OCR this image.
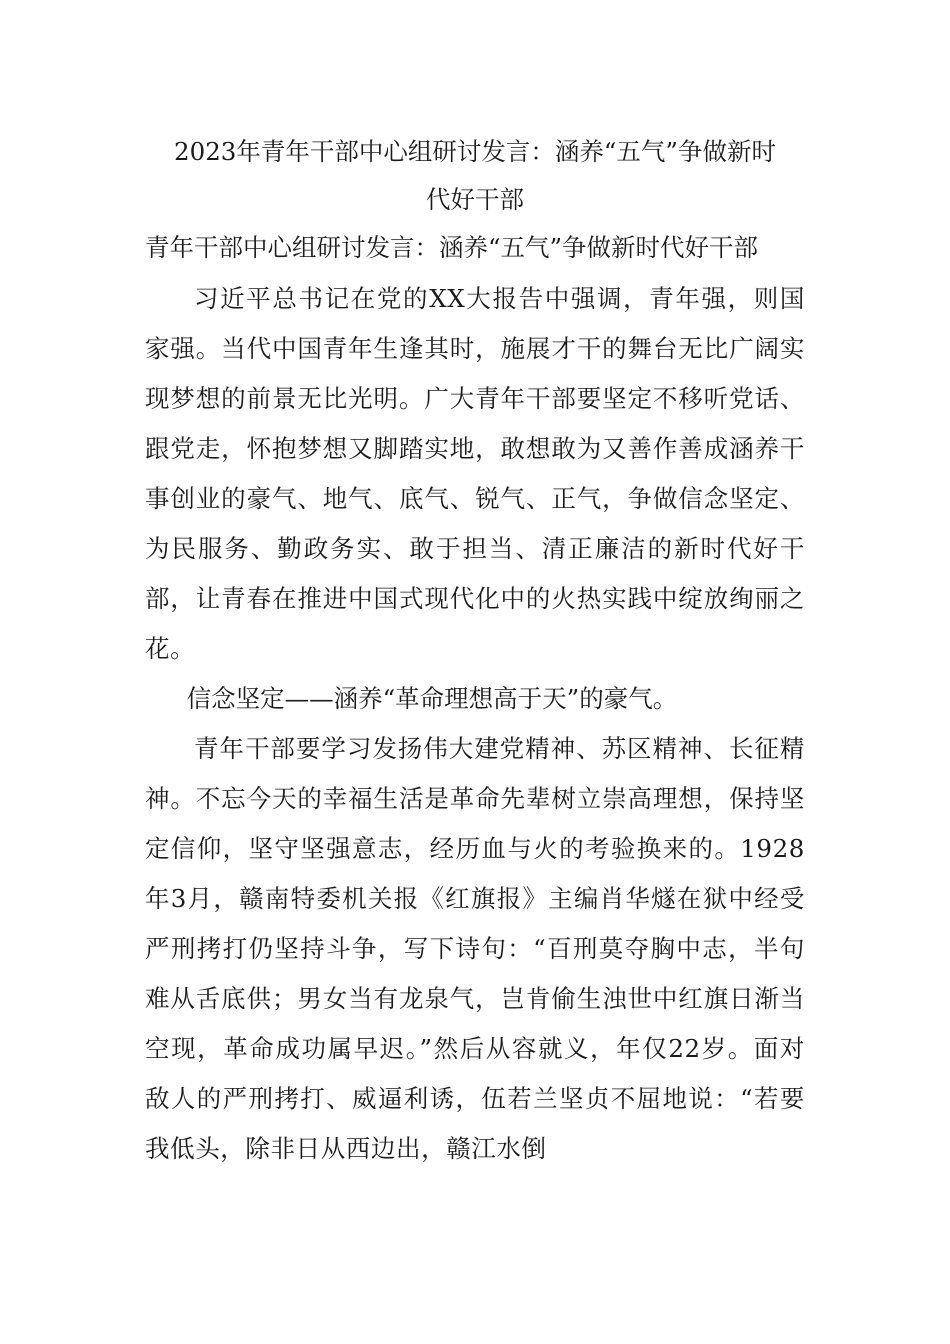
2023年青年干部中心组研讨发言：涵养“五气”争做新时
代好干部

青年干部中心组研讨发言：涵养“五气”争做新时代好干部

习近平总书记在党的XX大报告中强调，青年强，则国家强。当代中国青年生逢其时，施展才干的舞台无比广阔实现梦想的前景无比光明。广大青年干部要坚定不移听党话、跟党走，怀抱梦想又脚踏实地，敢想敢为又善作善成涵养干事创业的豪气、地气、底气、锐气、正气，争做信念坚定、为民服务、勤政务实、敢于担当、清正廉洁的新时代好干部，让青春在推进中国式现代化中的火热实践中绽放绚丽之花。

信念坚定——涵养“革命理想高于天”的豪气。

青年干部要学习发扬伟大建党精神、苏区精神、长征精神。不忘今天的幸福生活是革命先辈树立崇高理想，保持坚定信仰，坚守坚强意志，经历血与火的考验换来的。1928年3月，赣南特委机关报《红旗报》主编肖华燧在狱中经受严刑拷打仍坚持斗争，写下诗句：“百刑莫夺胸中志，半句难从舌底供；男女当有龙泉气，岂肯偷生浊世中红旗日渐当空现，革命成功属早迟。”然后从容就义，年仅22岁。面对敌人的严刑拷打、威逼利诱，伍若兰坚贞不屈地说：“若要我低头，除非日从西边出，赣江水倒
